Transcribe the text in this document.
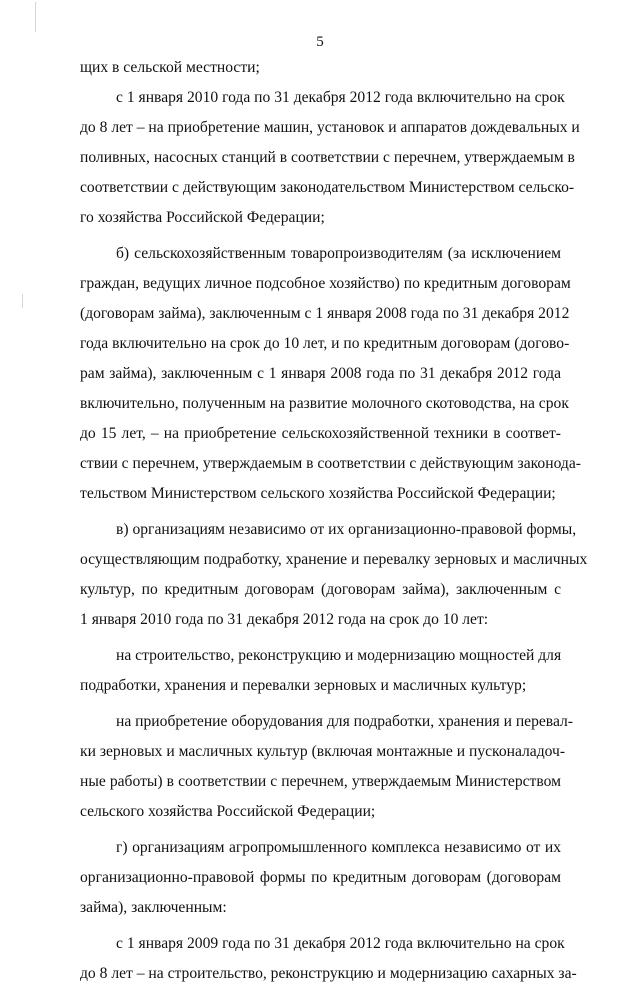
5
щих в сельской местности;
с 1 января 2010 года по 31 декабря 2012 года включительно на срок
до 8 лет – на приобретение машин, установок и аппаратов дождевальных и
поливных, насосных станций в соответствии с перечнем, утверждаемым в
соответствии с действующим законодательством Министерством сельско-
го хозяйства Российской Федерации;
б) сельскохозяйственным товаропроизводителям (за исключением
граждан, ведущих личное подсобное хозяйство) по кредитным договорам
(договорам займа), заключенным с 1 января 2008 года по 31 декабря 2012
года включительно на срок до 10 лет, и по кредитным договорам (догово-
рам займа), заключенным с 1 января 2008 года по 31 декабря 2012 года
включительно, полученным на развитие молочного скотоводства, на срок
до 15 лет, – на приобретение сельскохозяйственной техники в соответ-
ствии с перечнем, утверждаемым в соответствии с действующим законода-
тельством Министерством сельского хозяйства Российской Федерации;
в) организациям независимо от их организационно-правовой формы,
осуществляющим подработку, хранение и перевалку зерновых и масличных
культур, по кредитным договорам (договорам займа), заключенным с
1 января 2010 года по 31 декабря 2012 года на срок до 10 лет:
на строительство, реконструкцию и модернизацию мощностей для
подработки, хранения и перевалки зерновых и масличных культур;
на приобретение оборудования для подработки, хранения и перевал-
ки зерновых и масличных культур (включая монтажные и пусконаладоч-
ные работы) в соответствии с перечнем, утверждаемым Министерством
сельского хозяйства Российской Федерации;
г) организациям агропромышленного комплекса независимо от их
организационно-правовой формы по кредитным договорам (договорам
займа), заключенным:
с 1 января 2009 года по 31 декабря 2012 года включительно на срок
до 8 лет – на строительство, реконструкцию и модернизацию сахарных за-
